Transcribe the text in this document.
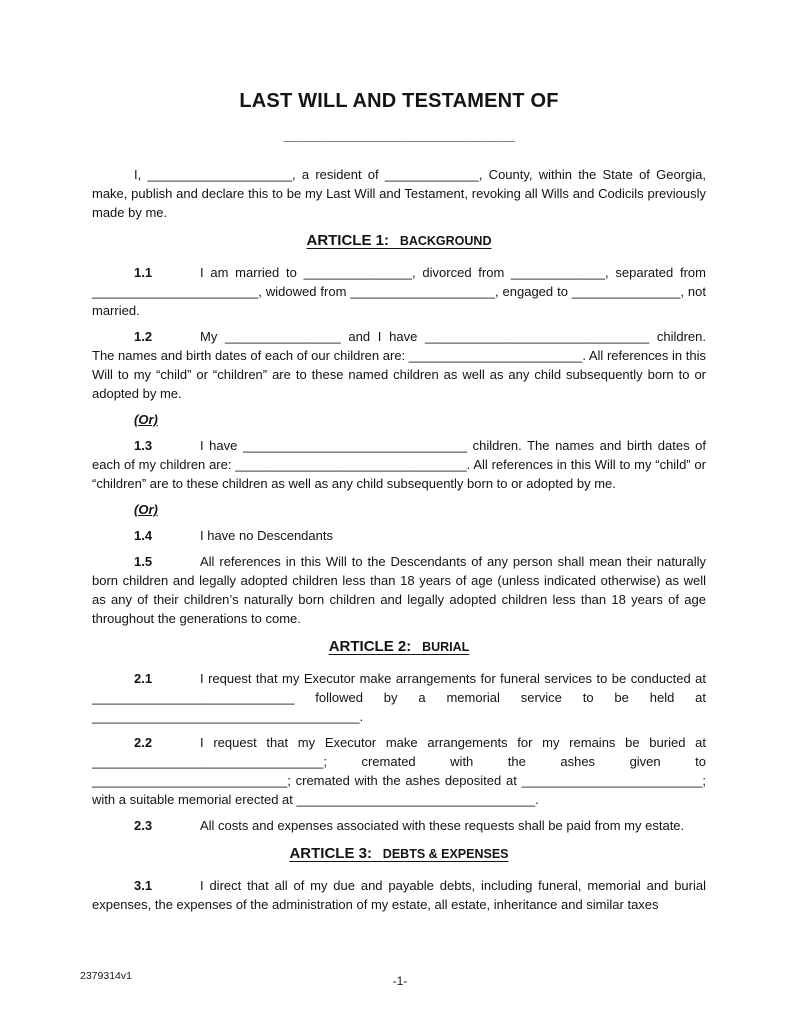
LAST WILL AND TESTAMENT OF
________________________________

I, ____________________, a resident of _____________, County, within the State of Georgia, make, publish and declare this to be my Last Will and Testament, revoking all Wills and Codicils previously made by me.

ARTICLE 1: BACKGROUND

1.1	I am married to _______________, divorced from _____________, separated from _______________________, widowed from ____________________, engaged to _______________, not married.

1.2	My ________________ and I have _______________________________ children. The names and birth dates of each of our children are: ________________________. All references in this Will to my “child” or “children” are to these named children as well as any child subsequently born to or adopted by me.

(Or)

1.3	I have _______________________________ children. The names and birth dates of each of my children are: ________________________________. All references in this Will to my “child” or “children” are to these children as well as any child subsequently born to or adopted by me.

(Or)

1.4	I have no Descendants

1.5	All references in this Will to the Descendants of any person shall mean their naturally born children and legally adopted children less than 18 years of age (unless indicated otherwise) as well as any of their children’s naturally born children and legally adopted children less than 18 years of age throughout the generations to come.

ARTICLE 2: BURIAL

2.1	I request that my Executor make arrangements for funeral services to be conducted at ____________________________ followed by a memorial service to be held at _____________________________________.

2.2	I request that my Executor make arrangements for my remains be buried at ________________________________; cremated with the ashes given to ___________________________; cremated with the ashes deposited at _________________________; with a suitable memorial erected at _________________________________.

2.3	All costs and expenses associated with these requests shall be paid from my estate.

ARTICLE 3: DEBTS & EXPENSES

3.1	I direct that all of my due and payable debts, including funeral, memorial and burial expenses, the expenses of the administration of my estate, all estate, inheritance and similar taxes

2379314v1	-1-
